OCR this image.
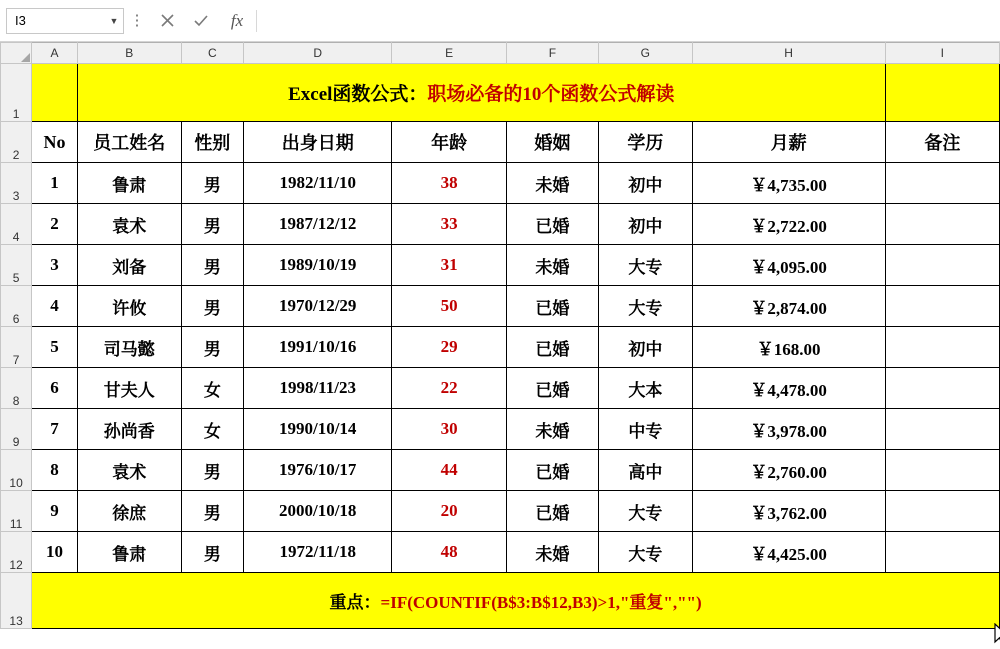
I3	▼ ⋮	fx
	A	B	C	D	E	F	G	H	I
1		Excel函数公式：职场必备的10个函数公式解读							
2	No	员工姓名	性别	出身日期	年龄	婚姻	学历	月薪	备注
3	1	鲁肃	男	1982/11/10	38	未婚	初中	￥4,735.00	
4	2	袁术	男	1987/12/12	33	已婚	初中	￥2,722.00	
5	3	刘备	男	1989/10/19	31	未婚	大专	￥4,095.00	
6	4	许攸	男	1970/12/29	50	已婚	大专	￥2,874.00	
7	5	司马懿	男	1991/10/16	29	已婚	初中	￥168.00	
8	6	甘夫人	女	1998/11/23	22	已婚	大本	￥4,478.00	
9	7	孙尚香	女	1990/10/14	30	未婚	中专	￥3,978.00	
10	8	袁术	男	1976/10/17	44	已婚	高中	￥2,760.00	
11	9	徐庶	男	2000/10/18	20	已婚	大专	￥3,762.00	
12	10	鲁肃	男	1972/11/18	48	未婚	大专	￥4,425.00	
13	重点：=IF(COUNTIF(B$3:B$12,B3)>1,"重复","")								
